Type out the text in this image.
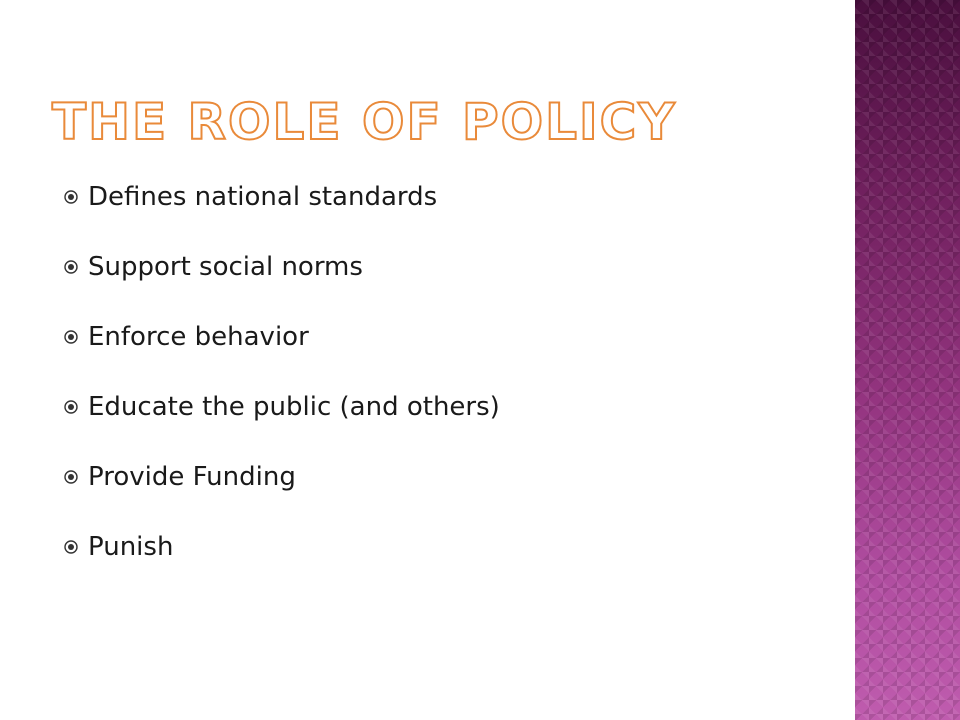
THE ROLE OF POLICY
Defines national standards
Support social norms
Enforce behavior
Educate the public (and others)
Provide Funding
Punish
